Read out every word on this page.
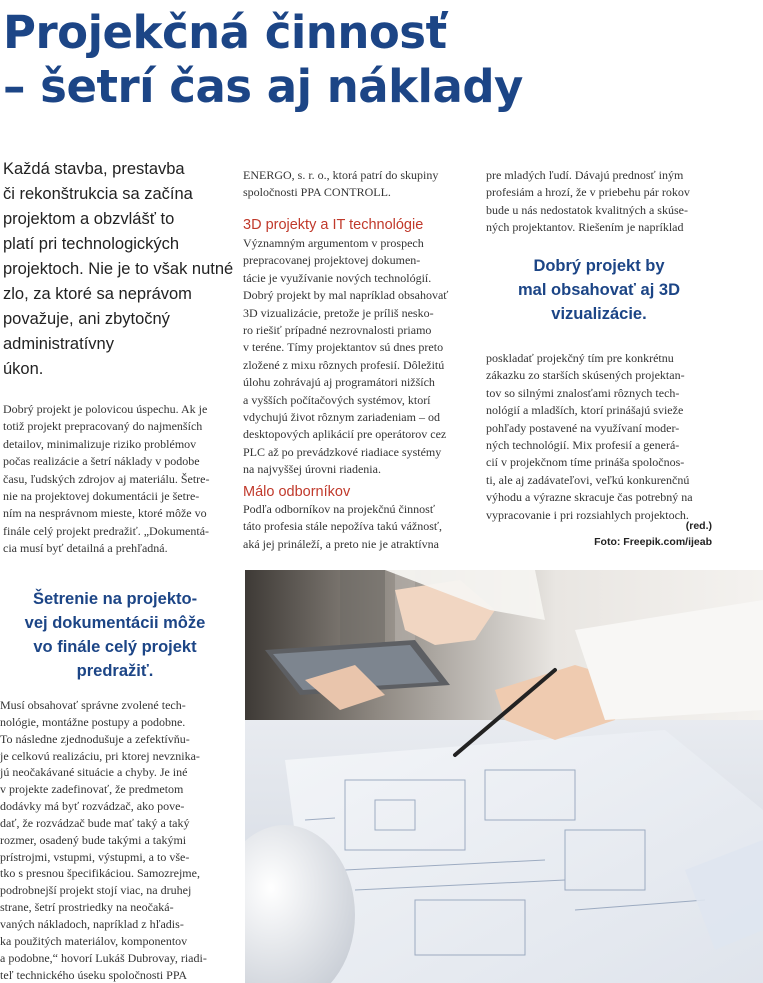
Projekčná činnosť
– šetrí čas aj náklady
Každá stavba, prestavba
či rekonštrukcia sa začína
projektom a obzvlášť to
platí pri technologických
projektoch. Nie je to však nutné
zlo, za ktoré sa neprávom
považuje, ani zbytočný
administratívny
úkon.
Dobrý projekt je polovicou úspechu. Ak je
totiž projekt prepracovaný do najmenších
detailov, minimalizuje riziko problémov
počas realizácie a šetrí náklady v podobe
času, ľudských zdrojov aj materiálu. Šetre-
nie na projektovej dokumentácii je šetre-
ním na nesprávnom mieste, ktoré môže vo
finále celý projekt predražiť. „Dokumentá-
cia musí byť detailná a prehľadná.
Šetrenie na projekto-
vej dokumentácii môže
vo finále celý projekt
predražiť.
Musí obsahovať správne zvolené tech-
nológie, montážne postupy a podobne.
To následne zjednodušuje a zefektívňu-
je celkovú realizáciu, pri ktorej nevznika-
jú neočakávané situácie a chyby. Je iné
v projekte zadefinovať, že predmetom
dodávky má byť rozvádzač, ako pove-
dať, že rozvádzač bude mať taký a taký
rozmer, osadený bude takými a takými
prístrojmi, vstupmi, výstupmi, a to vše-
tko s presnou špecifikáciou. Samozrejme,
podrobnejší projekt stojí viac, na druhej
strane, šetrí prostriedky na neočaká-
vaných nákladoch, napríklad z hľadis-
ka použitých materiálov, komponentov
a podobne,“ hovorí Lukáš Dubrovay, riadi-
teľ technického úseku spoločnosti PPA
ENERGO, s. r. o., ktorá patrí do skupiny
spoločnosti PPA CONTROLL.
3D projekty a IT technológie
Významným argumentom v prospech
prepracovanej projektovej dokumen-
tácie je využívanie nových technológií.
Dobrý projekt by mal napríklad obsahovať
3D vizualizácie, pretože je príliš nesko-
ro riešiť prípadné nezrovnalosti priamo
v teréne. Tímy projektantov sú dnes preto
zložené z mixu rôznych profesií. Dôležitú
úlohu zohrávajú aj programátori nižších
a vyšších počítačových systémov, ktorí
vdychujú život rôznym zariadeniam – od
desktopových aplikácií pre operátorov cez
PLC až po prevádzkové riadiace systémy
na najvyššej úrovni riadenia.
Málo odborníkov
Podľa odborníkov na projekčnú činnosť
táto profesia stále nepožíva takú vážnosť,
aká jej prináleží, a preto nie je atraktívna
pre mladých ľudí. Dávajú prednosť iným
profesiám a hrozí, že v priebehu pár rokov
bude u nás nedostatok kvalitných a skúse-
ných projektantov. Riešením je napríklad
Dobrý projekt by
mal obsahovať aj 3D
vizualizácie.
poskladať projekčný tím pre konkrétnu
zákazku zo starších skúsených projektan-
tov so silnými znalosťami rôznych tech-
nológií a mladších, ktorí prinášajú svieže
pohľady postavené na využívaní moder-
ných technológií. Mix profesií a generá-
cií v projekčnom tíme prináša spoločnos-
ti, ale aj zadávateľovi, veľkú konkurenčnú
výhodu a výrazne skracuje čas potrebný na
vypracovanie i pri rozsiahlych projektoch.
(red.)
Foto: Freepik.com/ijeab
